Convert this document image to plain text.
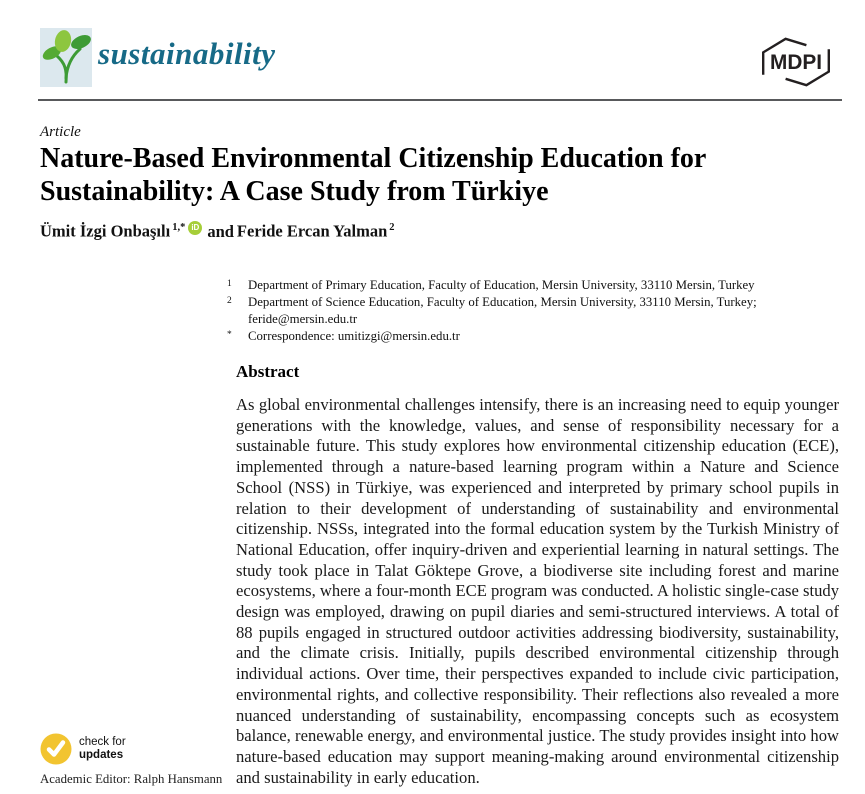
sustainability	MDPI
Article
Nature-Based Environmental Citizenship Education for Sustainability: A Case Study from Türkiye
Ümit İzgi Onbaşılı $^{1,*}$ iD and Feride Ercan Yalman $^2$
1	Department of Primary Education, Faculty of Education, Mersin University, 33110 Mersin, Turkey
2	Department of Science Education, Faculty of Education, Mersin University, 33110 Mersin, Turkey; feride@mersin.edu.tr
*	Correspondence: umitizgi@mersin.edu.tr
Abstract

As global environmental challenges intensify, there is an increasing need to equip younger generations with the knowledge, values, and sense of responsibility necessary for a sustainable future. This study explores how environmental citizenship education (ECE), implemented through a nature-based learning program within a Nature and Science School (NSS) in Türkiye, was experienced and interpreted by primary school pupils in relation to their development of understanding of sustainability and environmental citizenship. NSSs, integrated into the formal education system by the Turkish Ministry of National Education, offer inquiry-driven and experiential learning in natural settings. The study took place in Talat Göktepe Grove, a biodiverse site including forest and marine ecosystems, where a four-month ECE program was conducted. A holistic single-case study design was employed, drawing on pupil diaries and semi-structured interviews. A total of 88 pupils engaged in structured outdoor activities addressing biodiversity, sustainability, and the climate crisis. Initially, pupils described environmental citizenship through individual actions. Over time, their perspectives expanded to include civic participation, environmental rights, and collective responsibility. Their reflections also revealed a more nuanced understanding of sustainability, encompassing concepts such as ecosystem balance, renewable energy, and environmental justice. The study provides insight into how nature-based education may support meaning-making around environmental citizenship and sustainability in early education.

check for
updates
Academic Editor: Ralph Hansmann
